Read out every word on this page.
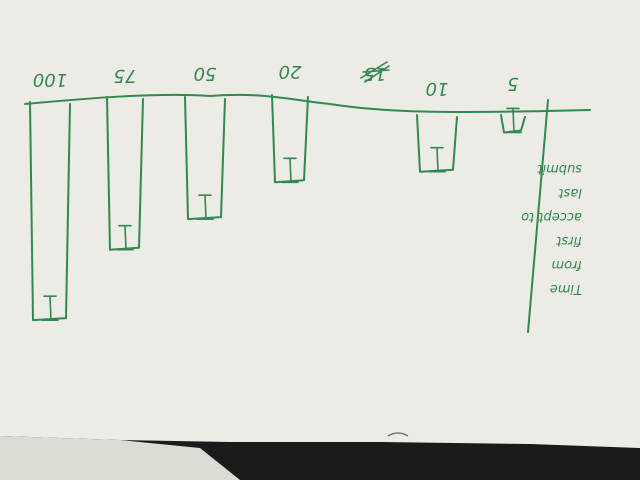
100	75	50	20	15
10	5
Time
from
first
accept to
last
submit
